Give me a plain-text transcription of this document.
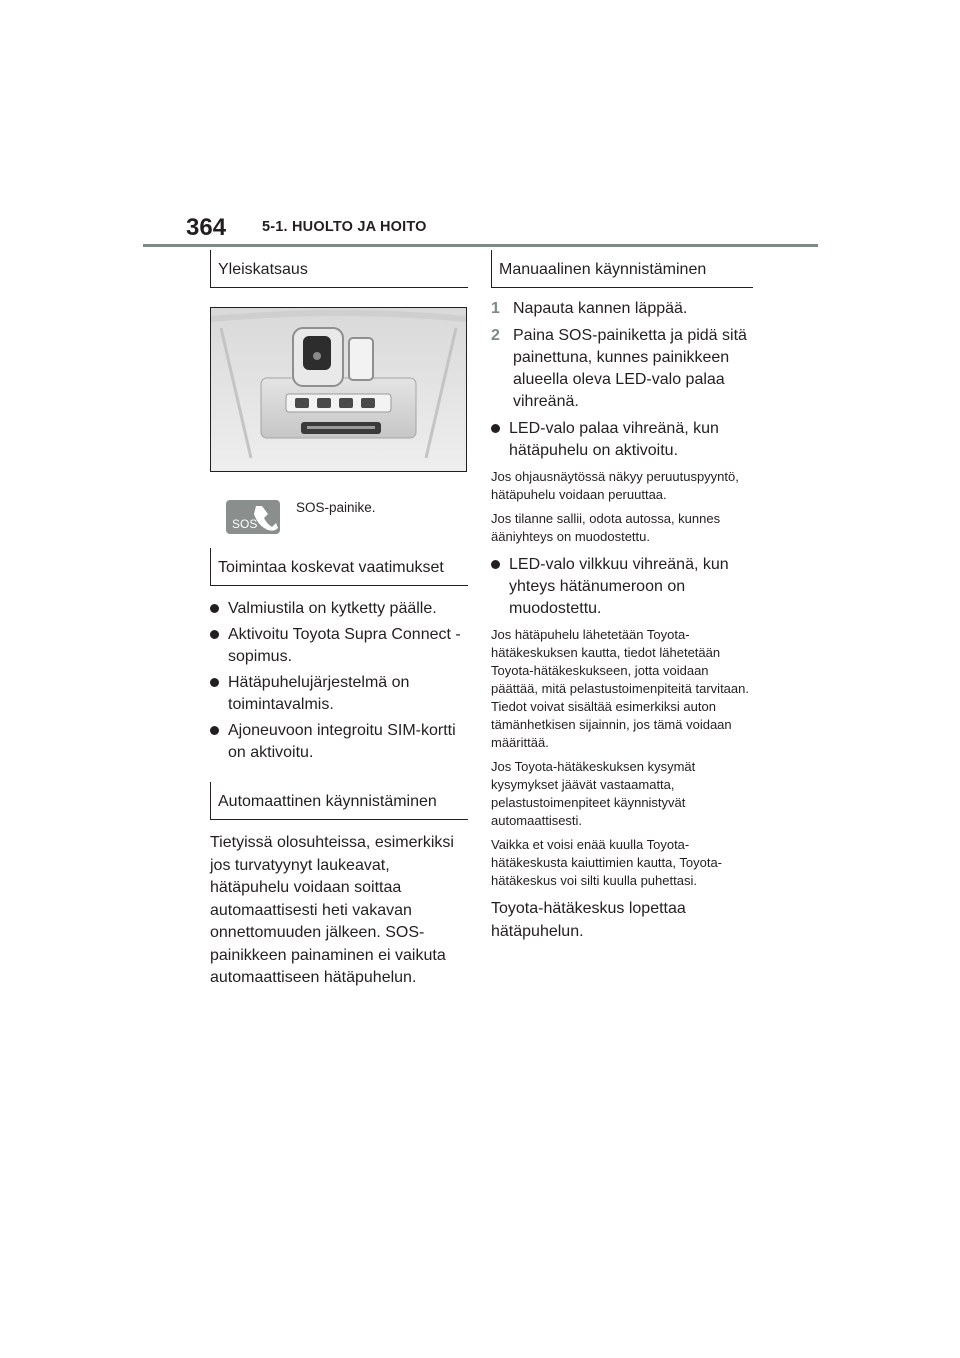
364 5-1. HUOLTO JA HOITO
Yleiskatsaus
SOS
SOS-painike.
Toimintaa koskevat vaatimukset
Valmiustila on kytketty päälle.
Aktivoitu Toyota Supra Connect -sopimus.
Hätäpuhelujärjestelmä on toimintavalmis.
Ajoneuvoon integroitu SIM-kortti on aktivoitu.
Automaattinen käynnistäminen

Tietyissä olosuhteissa, esimerkiksi jos turvatyynyt laukeavat, hätäpuhelu voidaan soittaa automaattisesti heti vakavan onnettomuuden jälkeen. SOS-painikkeen painaminen ei vaikuta automaattiseen hätäpuhelun.

Manuaalinen käynnistäminen
1 Napauta kannen läppää.
2 Paina SOS-painiketta ja pidä sitä painettuna, kunnes painikkeen alueella oleva LED-valo palaa vihreänä.
LED-valo palaa vihreänä, kun hätäpuhelu on aktivoitu.

Jos ohjausnäytössä näkyy peruutuspyyntö, hätäpuhelu voidaan peruuttaa.

Jos tilanne sallii, odota autossa, kunnes ääniyhteys on muodostettu.

LED-valo vilkkuu vihreänä, kun yhteys hätänumeroon on muodostettu.

Jos hätäpuhelu lähetetään Toyota-hätäkeskuksen kautta, tiedot lähetetään Toyota-hätäkeskukseen, jotta voidaan päättää, mitä pelastustoimenpiteitä tarvitaan. Tiedot voivat sisältää esimerkiksi auton tämänhetkisen sijainnin, jos tämä voidaan määrittää.

Jos Toyota-hätäkeskuksen kysymät kysymykset jäävät vastaamatta, pelastustoimenpiteet käynnistyvät automaattisesti.

Vaikka et voisi enää kuulla Toyota-hätäkeskusta kaiuttimien kautta, Toyota-hätäkeskus voi silti kuulla puhettasi.

Toyota-hätäkeskus lopettaa hätäpuhelun.
